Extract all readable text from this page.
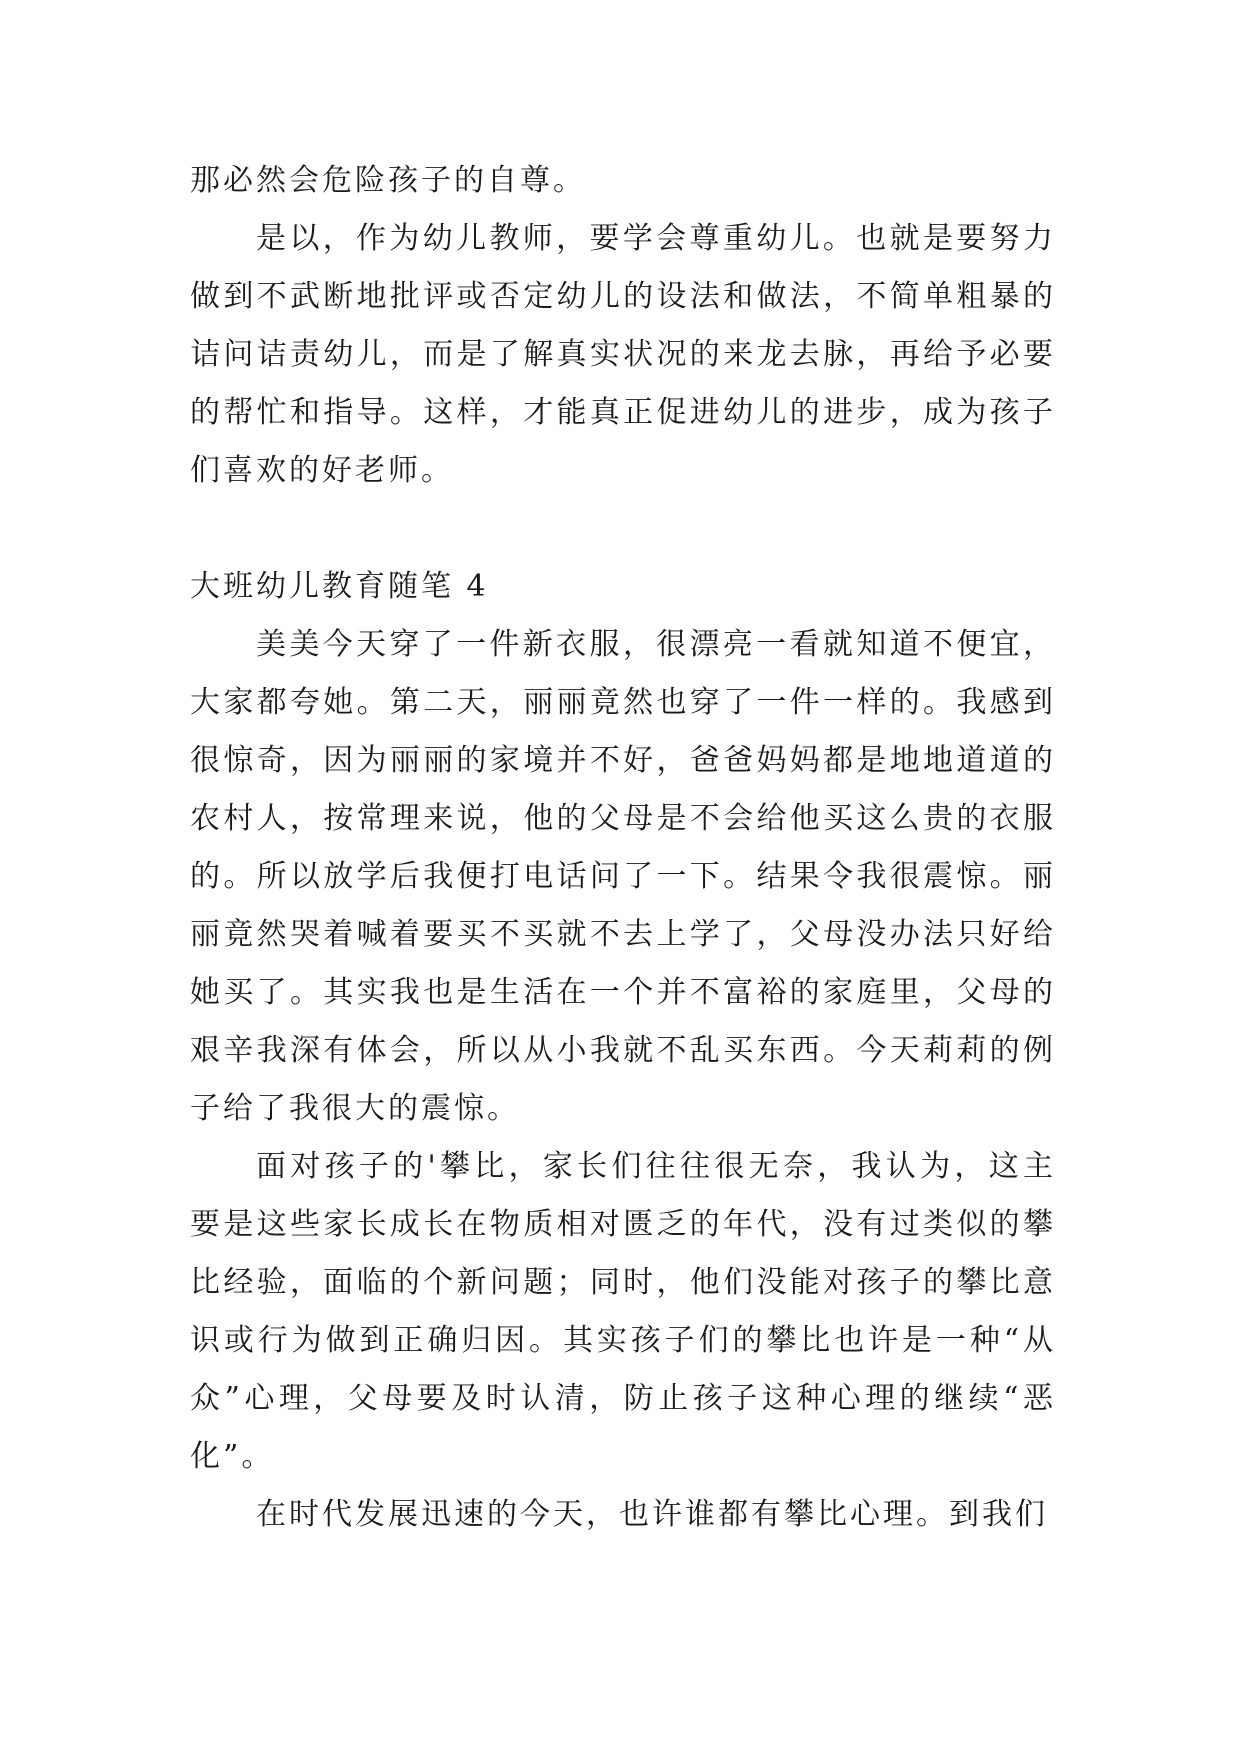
那必然会危险孩子的自尊。

是以，作为幼儿教师，要学会尊重幼儿。也就是要努力做到不武断地批评或否定幼儿的设法和做法，不简单粗暴的诘问诘责幼儿，而是了解真实状况的来龙去脉，再给予必要的帮忙和指导。这样，才能真正促进幼儿的进步，成为孩子们喜欢的好老师。

大班幼儿教育随笔 4

美美今天穿了一件新衣服，很漂亮一看就知道不便宜，大家都夸她。第二天，丽丽竟然也穿了一件一样的。我感到很惊奇，因为丽丽的家境并不好，爸爸妈妈都是地地道道的农村人，按常理来说，他的父母是不会给他买这么贵的衣服的。所以放学后我便打电话问了一下。结果令我很震惊。丽丽竟然哭着喊着要买不买就不去上学了，父母没办法只好给她买了。其实我也是生活在一个并不富裕的家庭里，父母的艰辛我深有体会，所以从小我就不乱买东西。今天莉莉的例子给了我很大的震惊。

面对孩子的'攀比，家长们往往很无奈，我认为，这主要是这些家长成长在物质相对匮乏的年代，没有过类似的攀比经验，面临的个新问题；同时，他们没能对孩子的攀比意识或行为做到正确归因。其实孩子们的攀比也许是一种“从众”心理，父母要及时认清，防止孩子这种心理的继续“恶化”。

在时代发展迅速的今天，也许谁都有攀比心理。到我们
